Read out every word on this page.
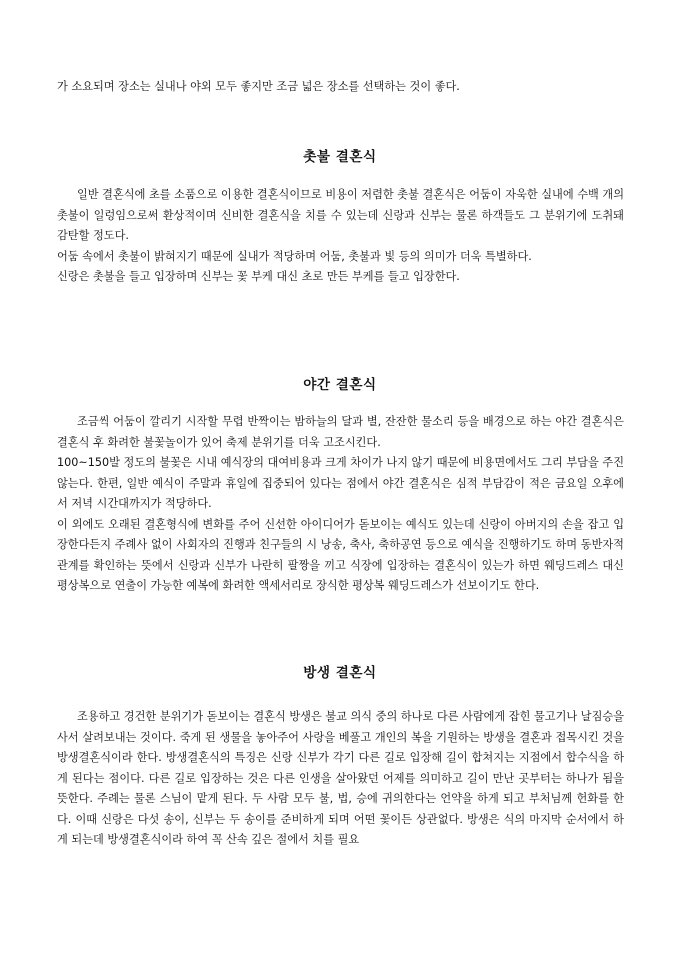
가 소요되며 장소는 실내나 야외 모두 좋지만 조금 넓은 장소를 선택하는 것이 좋다.

촛불 결혼식

일반 결혼식에 초를 소품으로 이용한 결혼식이므로 비용이 저렴한 촛불 결혼식은 어둠이 자욱한 실내에 수백 개의 촛불이 일렁임으로써 환상적이며 신비한 결혼식을 치를 수 있는데 신랑과 신부는 물론 하객들도 그 분위기에 도취돼 감탄할 정도다.

어둠 속에서 촛불이 밝혀지기 때문에 실내가 적당하며 어둠, 촛불과 빛 등의 의미가 더욱 특별하다.

신랑은 촛불을 들고 입장하며 신부는 꽃 부케 대신 초로 만든 부케를 들고 입장한다.

야간 결혼식

조금씩 어둠이 깔리기 시작할 무렵 반짝이는 밤하늘의 달과 별, 잔잔한 물소리 등을 배경으로 하는 야간 결혼식은 결혼식 후 화려한 불꽃놀이가 있어 축제 분위기를 더욱 고조시킨다.

100~150발 정도의 불꽃은 시내 예식장의 대여비용과 크게 차이가 나지 않기 때문에 비용면에서도 그리 부담을 주진 않는다. 한편, 일반 예식이 주말과 휴일에 집중되어 있다는 점에서 야간 결혼식은 심적 부담감이 적은 금요일 오후에서 저녁 시간대까지가 적당하다.

이 외에도 오래된 결혼형식에 변화를 주어 신선한 아이디어가 돋보이는 예식도 있는데 신랑이 아버지의 손을 잡고 입장한다든지 주례사 없이 사회자의 진행과 친구들의 시 낭송, 축사, 축하공연 등으로 예식을 진행하기도 하며 동반자적 관계를 확인하는 뜻에서 신랑과 신부가 나란히 팔짱을 끼고 식장에 입장하는 결혼식이 있는가 하면 웨딩드레스 대신 평상복으로 연출이 가능한 예복에 화려한 액세서리로 장식한 평상복 웨딩드레스가 선보이기도 한다.

방생 결혼식

조용하고 경건한 분위기가 돋보이는 결혼식 방생은 불교 의식 중의 하나로 다른 사람에게 잡힌 물고기나 날짐승을 사서 살려보내는 것이다. 죽게 된 생물을 놓아주어 사랑을 베풀고 개인의 복을 기원하는 방생을 결혼과 접목시킨 것을 방생결혼식이라 한다. 방생결혼식의 특징은 신랑 신부가 각기 다른 길로 입장해 길이 합쳐지는 지점에서 합수식을 하게 된다는 점이다. 다른 길로 입장하는 것은 다른 인생을 살아왔던 어제를 의미하고 길이 만난 곳부터는 하나가 됨을 뜻한다. 주례는 물론 스님이 맡게 된다. 두 사람 모두 불, 법, 승에 귀의한다는 언약을 하게 되고 부처님께 헌화를 한다. 이때 신랑은 다섯 송이, 신부는 두 송이를 준비하게 되며 어떤 꽃이든 상관없다. 방생은 식의 마지막 순서에서 하게 되는데 방생결혼식이라 하여 꼭 산속 깊은 절에서 치를 필요
